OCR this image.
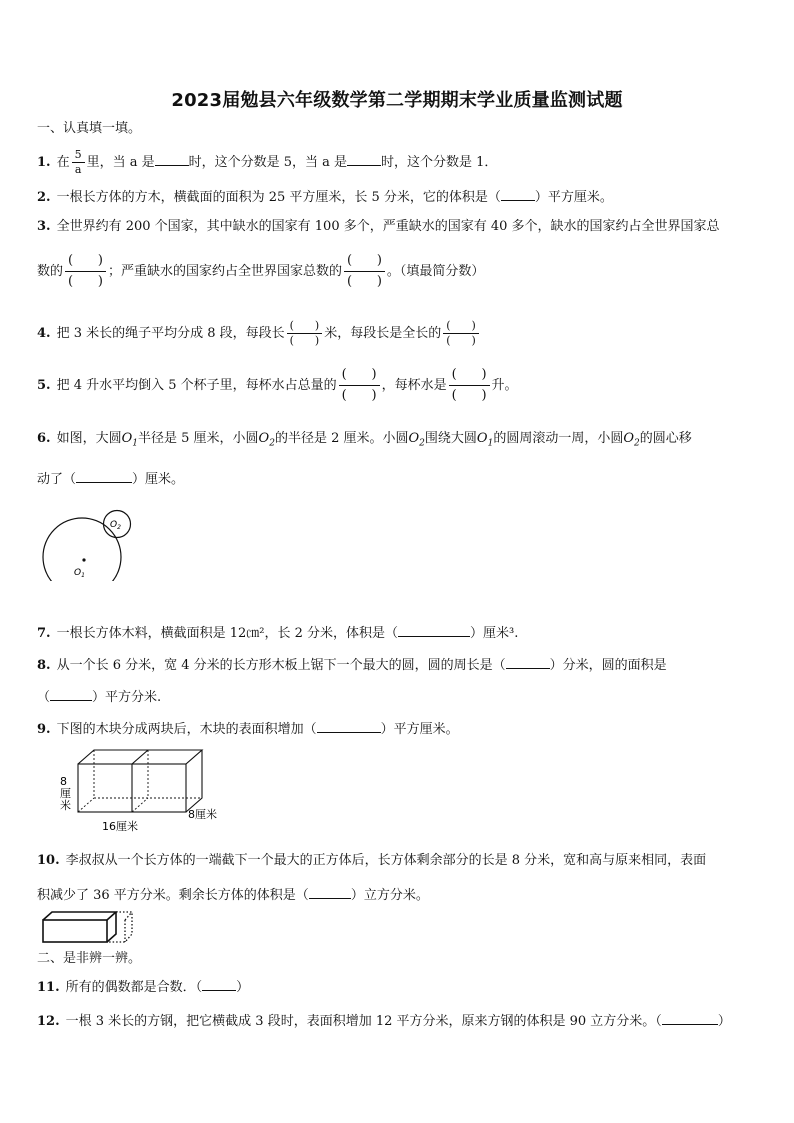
2023届勉县六年级数学第二学期期末学业质量监测试题
一、认真填一填。
1. 在 $\frac{5}{a}$ 里，当 a 是	时，这个分数是 5，当 a 是	时，这个分数是 1．
2. 一根长方体的方木，横截面的面积为 25 平方厘米，长 5 分米，它的体积是（	）平方厘米。
3. 全世界约有 200 个国家，其中缺水的国家有 100 多个，严重缺水的国家有 40 多个，缺水的国家约占全世界国家总
数的 $\frac{( )}{( )}$ ；严重缺水的国家约占全世界国家总数的 $\frac{( )}{( )}$ 。（填最简分数）
4. 把 3 米长的绳子平均分成 8 段，每段长 $\frac{( )}{( )}$ 米，每段长是全长的 $\frac{( )}{( )}$
5. 把 4 升水平均倒入 5 个杯子里，每杯水占总量的 $\frac{( )}{( )}$ ，每杯水是 $\frac{( )}{( )}$ 升。
6. 如图，大圆$O_1$半径是 5 厘米，小圆$O_2$的半径是 2 厘米。小圆$O_2$围绕大圆$O_1$的圆周滚动一周，小圆$O_2$的圆心移
动了（	）厘米。
$O_1$
$O_2$
7. 一根长方体木料，横截面积是 12㎝²，长 2 分米，体积是（	）厘米³.
8. 从一个长 6 分米，宽 4 分米的长方形木板上锯下一个最大的圆，圆的周长是（	）分米，圆的面积是
（	）平方分米.
9. 下图的木块分成两块后，木块的表面积增加（	）平方厘米。
8
厘
米
16厘米
8厘米
10. 李叔叔从一个长方体的一端截下一个最大的正方体后，长方体剩余部分的长是 8 分米，宽和高与原来相同，表面
积减少了 36 平方分米。剩余长方体的体积是（	）立方分米。
二、是非辨一辨。
11. 所有的偶数都是合数．（	）
12. 一根 3 米长的方钢，把它横截成 3 段时，表面积增加 12 平方分米，原来方钢的体积是 90 立方分米。（	）
